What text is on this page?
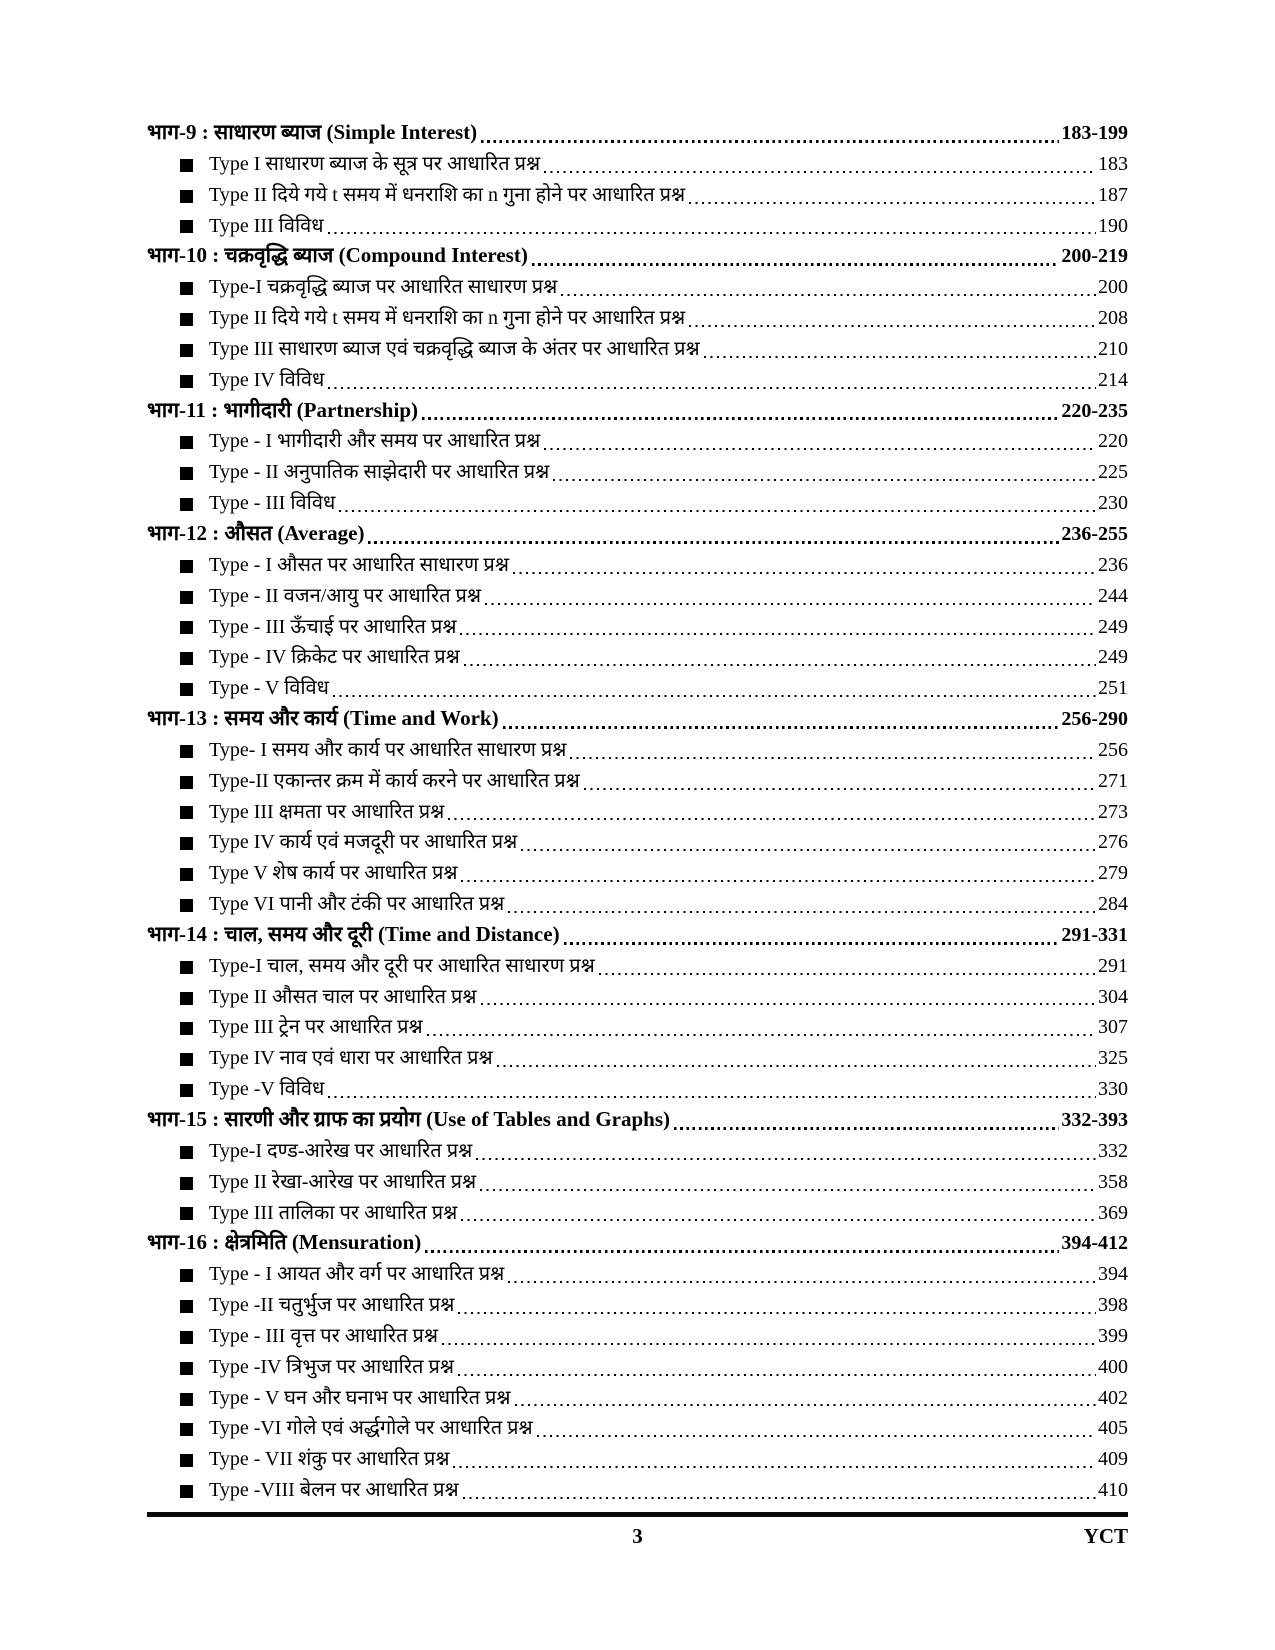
भाग-9 : साधारण ब्याज (Simple Interest)	183-199
Type I साधारण ब्याज के सूत्र पर आधारित प्रश्न	183
Type II दिये गये t समय में धनराशि का n गुना होने पर आधारित प्रश्न	187
Type III विविध	190
भाग-10 : चक्रवृद्धि ब्याज (Compound Interest)	200-219
Type-I चक्रवृद्धि ब्याज पर आधारित साधारण प्रश्न	200
Type II दिये गये t समय में धनराशि का n गुना होने पर आधारित प्रश्न	208
Type III साधारण ब्याज एवं चक्रवृद्धि ब्याज के अंतर पर आधारित प्रश्न	210
Type IV विविध	214
भाग-11 : भागीदारी (Partnership)	220-235
Type - I भागीदारी और समय पर आधारित प्रश्न	220
Type - II अनुपातिक साझेदारी पर आधारित प्रश्न	225
Type - III विविध	230
भाग-12 : औसत (Average)	236-255
Type - I औसत पर आधारित साधारण प्रश्न	236
Type - II वजन/आयु पर आधारित प्रश्न	244
Type - III ऊँचाई पर आधारित प्रश्न	249
Type - IV क्रिकेट पर आधारित प्रश्न	249
Type - V विविध	251
भाग-13 : समय और कार्य (Time and Work)	256-290
Type- I समय और कार्य पर आधारित साधारण प्रश्न	256
Type-II एकान्तर क्रम में कार्य करने पर आधारित प्रश्न	271
Type III क्षमता पर आधारित प्रश्न	273
Type IV कार्य एवं मजदूरी पर आधारित प्रश्न	276
Type V शेष कार्य पर आधारित प्रश्न	279
Type VI पानी और टंकी पर आधारित प्रश्न	284
भाग-14 : चाल, समय और दूरी (Time and Distance)	291-331
Type-I चाल, समय और दूरी पर आधारित साधारण प्रश्न	291
Type II औसत चाल पर आधारित प्रश्न	304
Type III ट्रेन पर आधारित प्रश्न	307
Type IV नाव एवं धारा पर आधारित प्रश्न	325
Type -V विविध	330
भाग-15 : सारणी और ग्राफ का प्रयोग (Use of Tables and Graphs)	332-393
Type-I दण्ड-आरेख पर आधारित प्रश्न	332
Type II रेखा-आरेख पर आधारित प्रश्न	358
Type III तालिका पर आधारित प्रश्न	369
भाग-16 : क्षेत्रमिति (Mensuration)	394-412
Type - I आयत और वर्ग पर आधारित प्रश्न	394
Type -II चतुर्भुज पर आधारित प्रश्न	398
Type - III वृत्त पर आधारित प्रश्न	399
Type -IV त्रिभुज पर आधारित प्रश्न	400
Type - V घन और घनाभ पर आधारित प्रश्न	402
Type -VI गोले एवं अर्द्धगोले पर आधारित प्रश्न	405
Type - VII शंकु पर आधारित प्रश्न	409
Type -VIII बेलन पर आधारित प्रश्न	410
3	YCT
